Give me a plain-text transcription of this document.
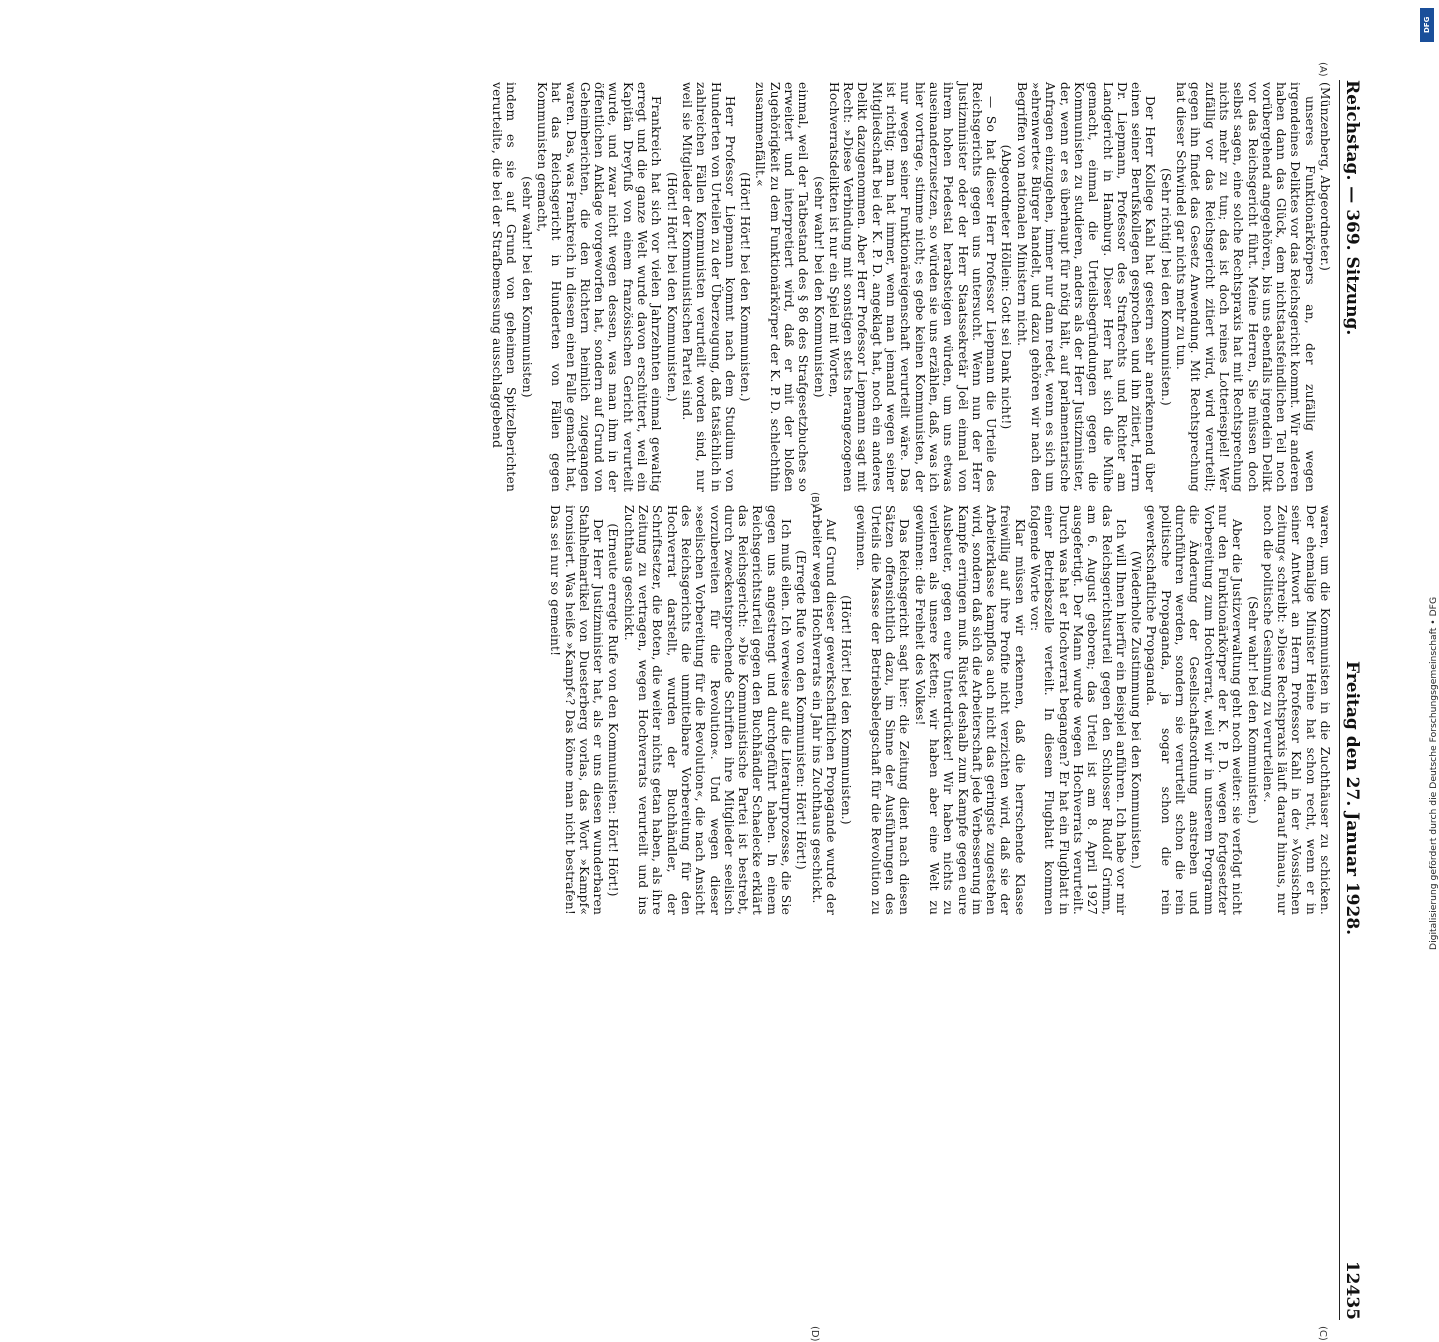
Reichstag. — 369. Sitzung.
Freitag den 27. Januar 1928.
12435
(A)
(B)
(C)
(D)

(Münzenberg, Abgeordneter.)

unseres Funktionärkörpers an, der zufällig wegen irgendeines Deliktes vor das Reichsgericht kommt. Wir anderen haben dann das Glück, dem nichtstaatsfeindlichen Teil noch vorübergehend angegehören, bis uns ebenfalls irgendein Delikt vor das Reichsgericht führt. Meine Herren, Sie müssen doch selbst sagen, eine solche Rechtspraxis hat mit Rechtsprechung nichts mehr zu tun; das ist doch reines Lotteriespiel! Wer zufällig vor das Reichsgericht zitiert wird, wird verurteilt; gegen ihn findet das Gesetz Anwendung. Mit Rechtsprechung hat dieser Schwindel gar nichts mehr zu tun.

(Sehr richtig! bei den Kommunisten.)

Der Herr Kollege Kahl hat gestern sehr anerkennend über einen seiner Berufskollegen gesprochen und ihn zitiert, Herrn Dr. Liepmann, Professor des Strafrechts und Richter am Landgericht in Hamburg. Dieser Herr hat sich die Mühe gemacht, einmal die Urteilsbegründungen gegen die Kommunisten zu studieren, anders als der Herr Justizminister, der, wenn er es überhaupt für nötig hält, auf parlamentarische Anfragen einzugehen, immer nur dann redet, wenn es sich um »ehrenwerte« Bürger handelt, und dazu gehören wir nach den Begriffen von nationalen Ministern nicht.

(Abgeordneter Höllein: Gott sei Dank nicht!)

— So hat dieser Herr Professor Liepmann die Urteile des Reichsgerichts gegen uns untersucht. Wenn nun der Herr Justizminister oder der Herr Staatssekretär Joël einmal von ihrem hohen Piedestal herabsteigen würden, um uns etwas auseinanderzusetzen, so würden sie uns erzählen, daß, was ich hier vortrage, stimme nicht; es gebe keinen Kommunisten, der nur wegen seiner Funktionäreigenschaft verurteilt wäre. Das ist richtig; man hat immer, wenn man jemand wegen seiner Mitgliedschaft bei der K. P. D. angeklagt hat, noch ein anderes Delikt dazugenommen. Aber Herr Professor Liepmann sagt mit Recht: »Diese Verbindung mit sonstigen stets herangezogenen Hochverratsdelikten ist nur ein Spiel mit Worten,

(sehr wahr! bei den Kommunisten)

einmal, weil der Tatbestand des § 86 des Strafgesetzbuches so erweitert und interpretiert wird, daß er mit der bloßen Zugehörigkeit zu dem Funktionärkörper der K. P. D. schlechthin zusammenfällt.«

(Hört! Hört! bei den Kommunisten.)

Herr Professor Liepmann kommt nach dem Studium von Hunderten von Urteilen zu der Überzeugung, daß tatsächlich in zahlreichen Fällen Kommunisten verurteilt worden sind, nur weil sie Mitglieder der Kommunistischen Partei sind.

(Hört! Hört! bei den Kommunisten.)

Frankreich hat sich vor vielen Jahrzehnten einmal gewaltig erregt und die ganze Welt wurde davon erschüttert, weil ein Kapitän Dreyfuß von einem französischen Gericht verurteilt wurde, und zwar nicht wegen dessen, was man ihm in der öffentlichen Anklage vorgeworfen hat, sondern auf Grund von Geheimberichten, die den Richtern heimlich zugegangen waren. Das, was Frankreich in diesem einen Falle gemacht hat, hat das Reichsgericht in Hunderten von Fällen gegen Kommunisten gemacht,

(sehr wahr! bei den Kommunisten)

indem es sie auf Grund von geheimen Spitzelberichten verurteilte, die bei der Strafbemessung ausschlaggebend

waren, um die Kommunisten in die Zuchthäuser zu schicken. Der ehemalige Minister Heine hat schon recht, wenn er in seiner Antwort an Herrn Professor Kahl in der »Vossischen Zeitung« schreibt: »Diese Rechtspraxis läuft darauf hinaus, nur noch die politische Gesinnung zu verurteilen«.

(Sehr wahr! bei den Kommunisten.)

Aber die Justizverwaltung geht noch weiter: sie verfolgt nicht nur den Funktionärkörper der K. P. D. wegen fortgesetzter Vorbereitung zum Hochverrat, weil wir in unserem Programm die Änderung der Gesellschaftsordnung anstreben und durchführen werden, sondern sie verurteilt schon die rein politische Propaganda, ja sogar schon die rein gewerkschaftliche Propaganda.

(Wiederholte Zustimmung bei den Kommunisten.)

Ich will Ihnen hierfür ein Beispiel anführen. Ich habe vor mir das Reichsgerichtsurteil gegen den Schlosser Rudolf Grimm, am 6. August geboren; das Urteil ist am 8. April 1927 ausgefertigt. Der Mann wurde wegen Hochverrats verurteilt. Durch was hat er Hochverrat begangen? Er hat ein Flugblatt in einer Betriebszelle verteilt. In diesem Flugblatt kommen folgende Worte vor:

Klar müssen wir erkennen, daß die herrschende Klasse freiwillig auf ihre Profite nicht verzichten wird, daß sie der Arbeiterklasse kampflos auch nicht das geringste zugestehen wird, sondern daß sich die Arbeiterschaft jede Verbesserung im Kampfe erringen muß. Rüstet deshalb zum Kampfe gegen eure Ausbeuter, gegen eure Unterdrücker! Wir haben nichts zu verlieren als unsere Ketten; wir haben aber eine Welt zu gewinnen: die Freiheit des Volkes!

Das Reichsgericht sagt hier: die Zeitung dient nach diesen Sätzen offensichtlich dazu, im Sinne der Ausführungen des Urteils die Masse der Betriebsbelegschaft für die Revolution zu gewinnen.

(Hört! Hört! bei den Kommunisten.)

Auf Grund dieser gewerkschaftlichen Propagande wurde der Arbeiter wegen Hochverrats ein Jahr ins Zuchthaus geschickt.

(Erregte Rufe von den Kommunisten: Hört! Hört!)

Ich muß eilen. Ich verweise auf die Literaturprozesse, die Sie gegen uns angestrengt und durchgeführt haben. In einem Reichsgerichtsurteil gegen den Buchhändler Schaelecke erklärt das Reichsgericht: »Die Kommunistische Partei ist bestrebt, durch zweckentsprechende Schriften ihre Mitglieder seelisch vorzubereiten für die Revolution«. Und wegen dieser »seelischen Vorbereitung für die Revolution«, die nach Ansicht des Reichsgerichts die unmittelbare Vorbereitung für den Hochverrat darstellt, wurden der Buchhändler, der Schriftsetzer, die Boten, die weiter nichts getan haben, als ihre Zeitung zu vertragen, wegen Hochverrats verurteilt und ins Zuchthaus geschickt.

(Erneute erregte Rufe von den Kommunisten: Hört! Hört!)

Der Herr Justizminister hat, als er uns diesen wunderbaren Stahlhelmartikel von Duesterberg vorlas, das Wort »Kampf« ironisiert. Was heiße »Kampf«? Das könne man nicht bestrafen! Das sei nur so gemeint!

Digitalisierung gefördert durch die Deutsche Forschungsgemeinschaft • DFG
DFG
